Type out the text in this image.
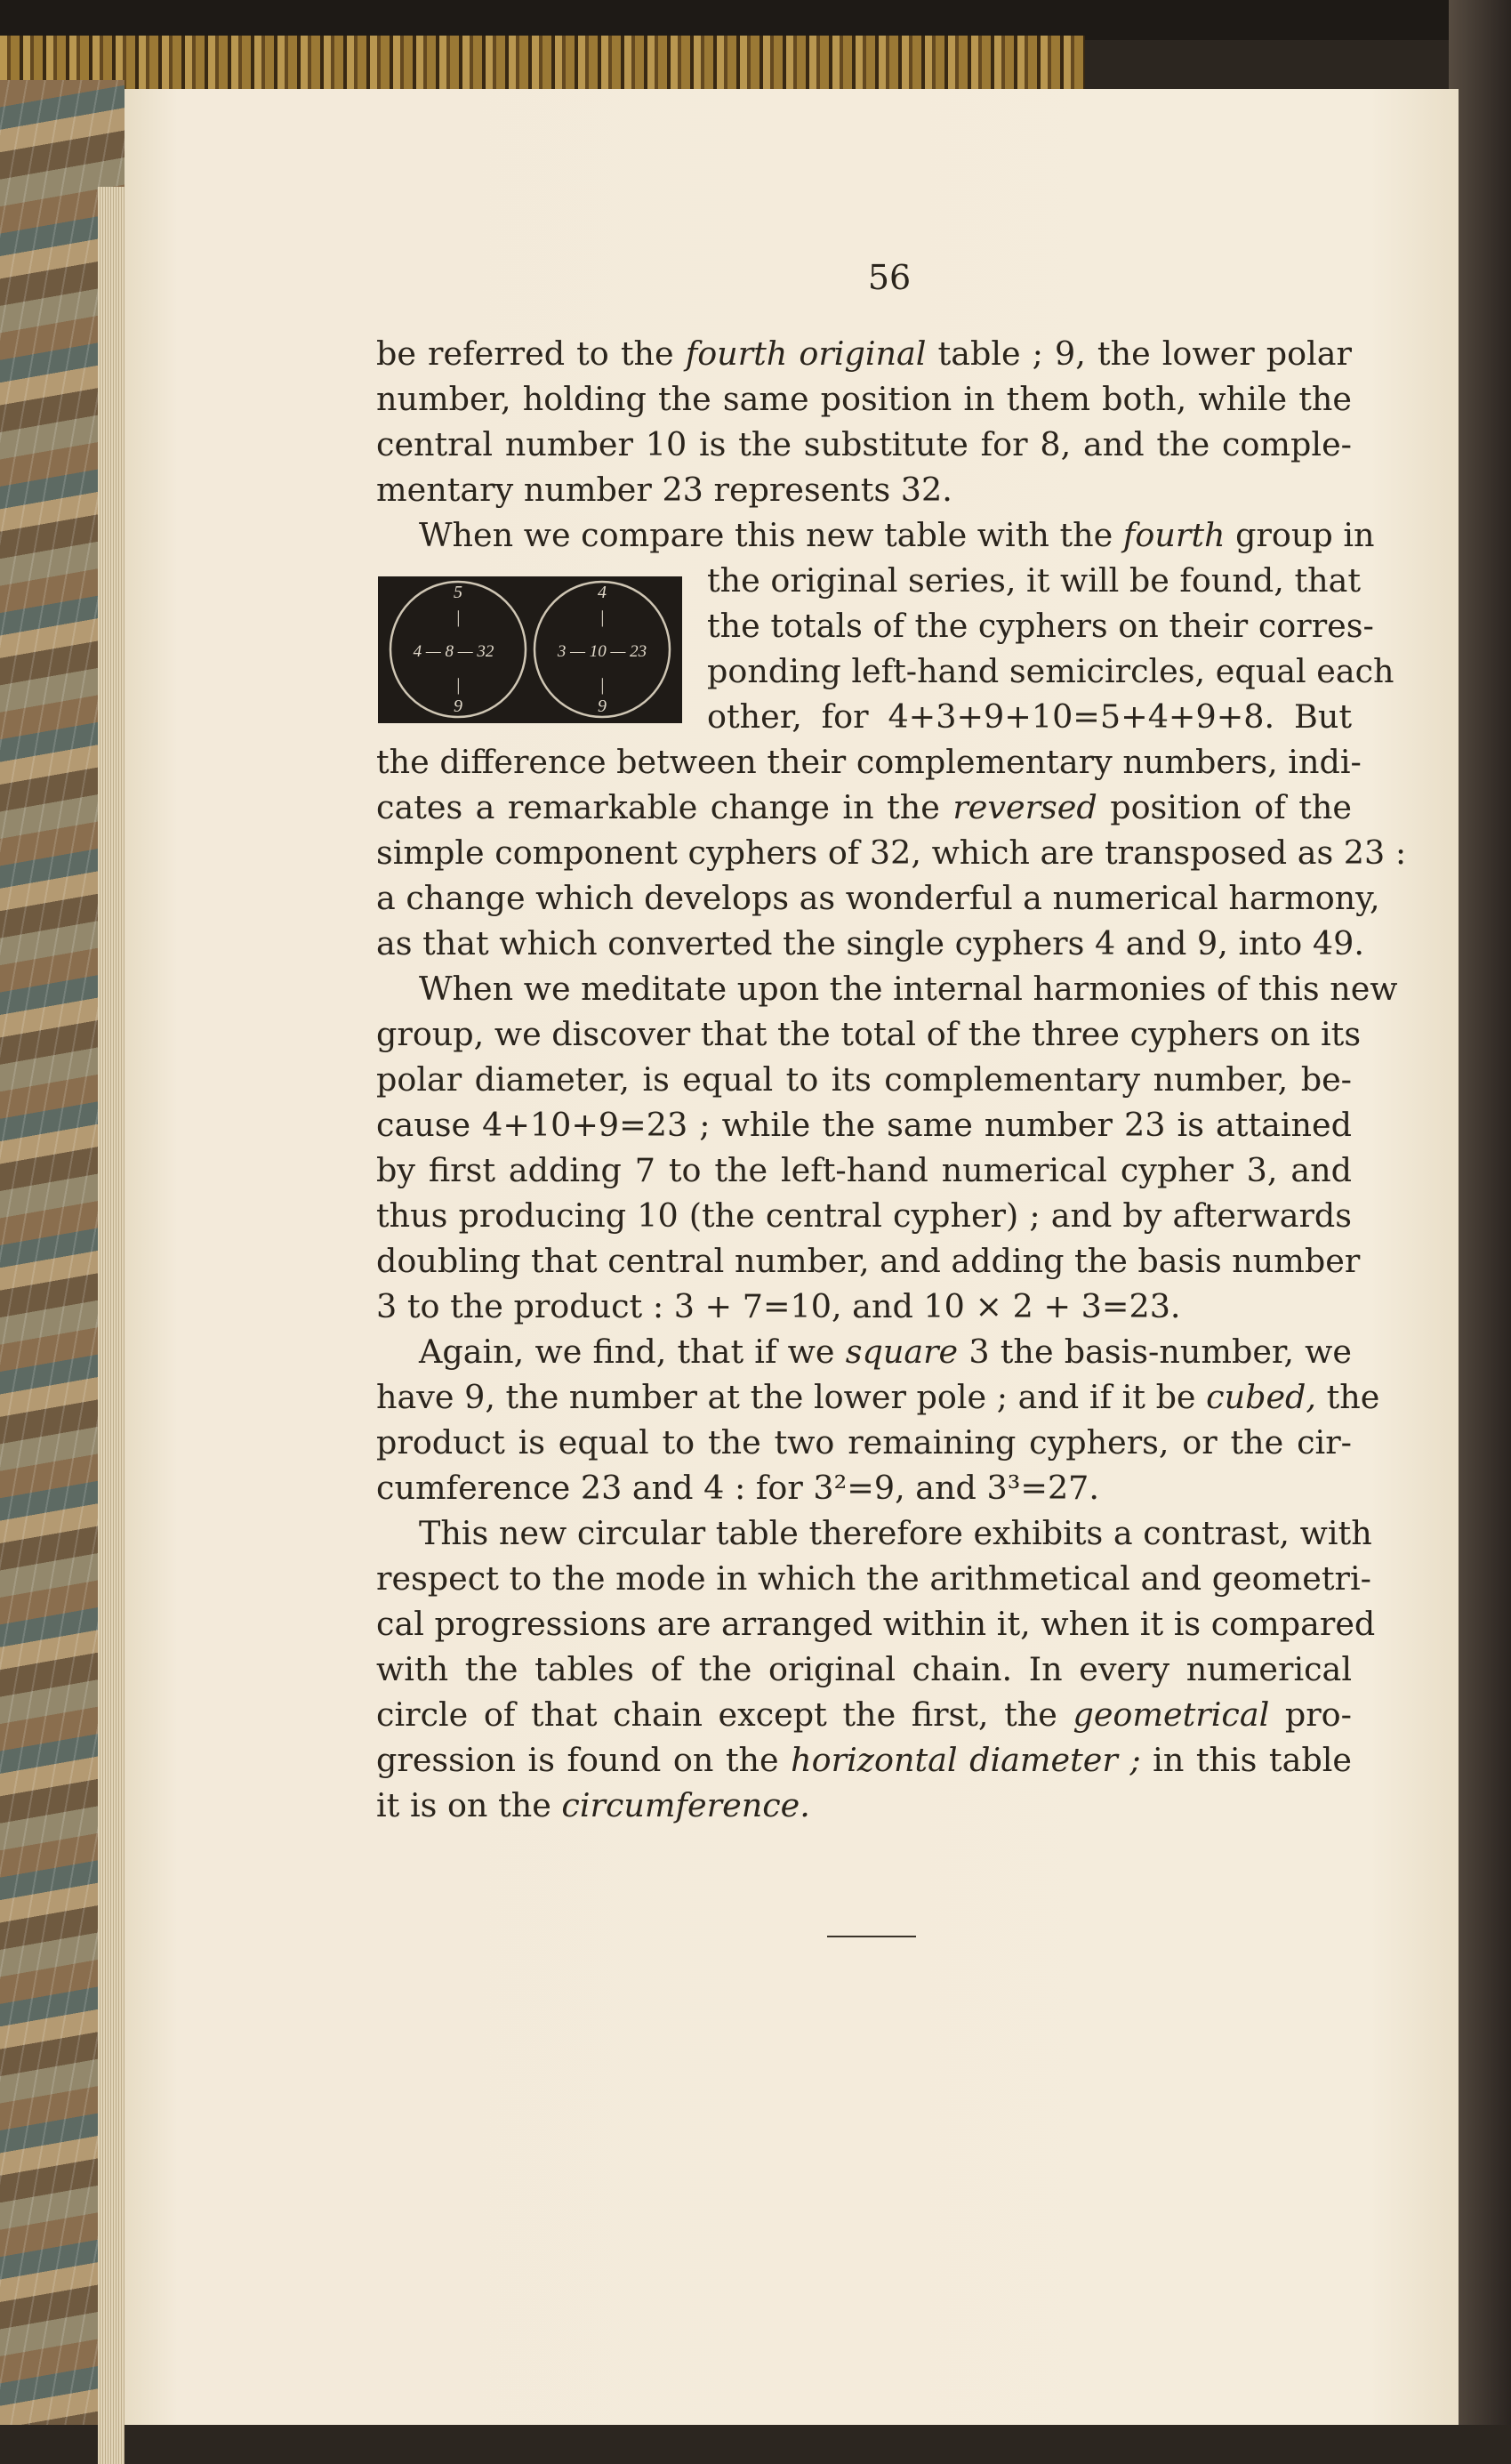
56
be referred to the fourth original table ; 9, the lower polar
number, holding the same position in them both, while the
central number 10 is the substitute for 8, and the comple-
mentary number 23 represents 32.
When we compare this new table with the fourth group in
the original series, it will be found, that
the totals of the cyphers on their corres-
ponding left-hand semicircles, equal each
other, for 4+3+9+10=5+4+9+8. But
the difference between their complementary numbers, indi-
cates a remarkable change in the reversed position of the
simple component cyphers of 32, which are transposed as 23 :
a change which develops as wonderful a numerical harmony,
as that which converted the single cyphers 4 and 9, into 49.
5
|
4 — 8 — 32
|
9
4
|
3 — 10 — 23
|
9
When we meditate upon the internal harmonies of this new
group, we discover that the total of the three cyphers on its
polar diameter, is equal to its complementary number, be-
cause 4+10+9=23 ; while the same number 23 is attained
by first adding 7 to the left-hand numerical cypher 3, and
thus producing 10 (the central cypher) ; and by afterwards
doubling that central number, and adding the basis number
3 to the product : 3 + 7=10, and 10 × 2 + 3=23.
Again, we find, that if we square 3 the basis-number, we
have 9, the number at the lower pole ; and if it be cubed, the
product is equal to the two remaining cyphers, or the cir-
cumference 23 and 4 : for 3²=9, and 3³=27.
This new circular table therefore exhibits a contrast, with
respect to the mode in which the arithmetical and geometri-
cal progressions are arranged within it, when it is compared
with the tables of the original chain. In every numerical
circle of that chain except the first, the geometrical pro-
gression is found on the horizontal diameter ; in this table
it is on the circumference.
